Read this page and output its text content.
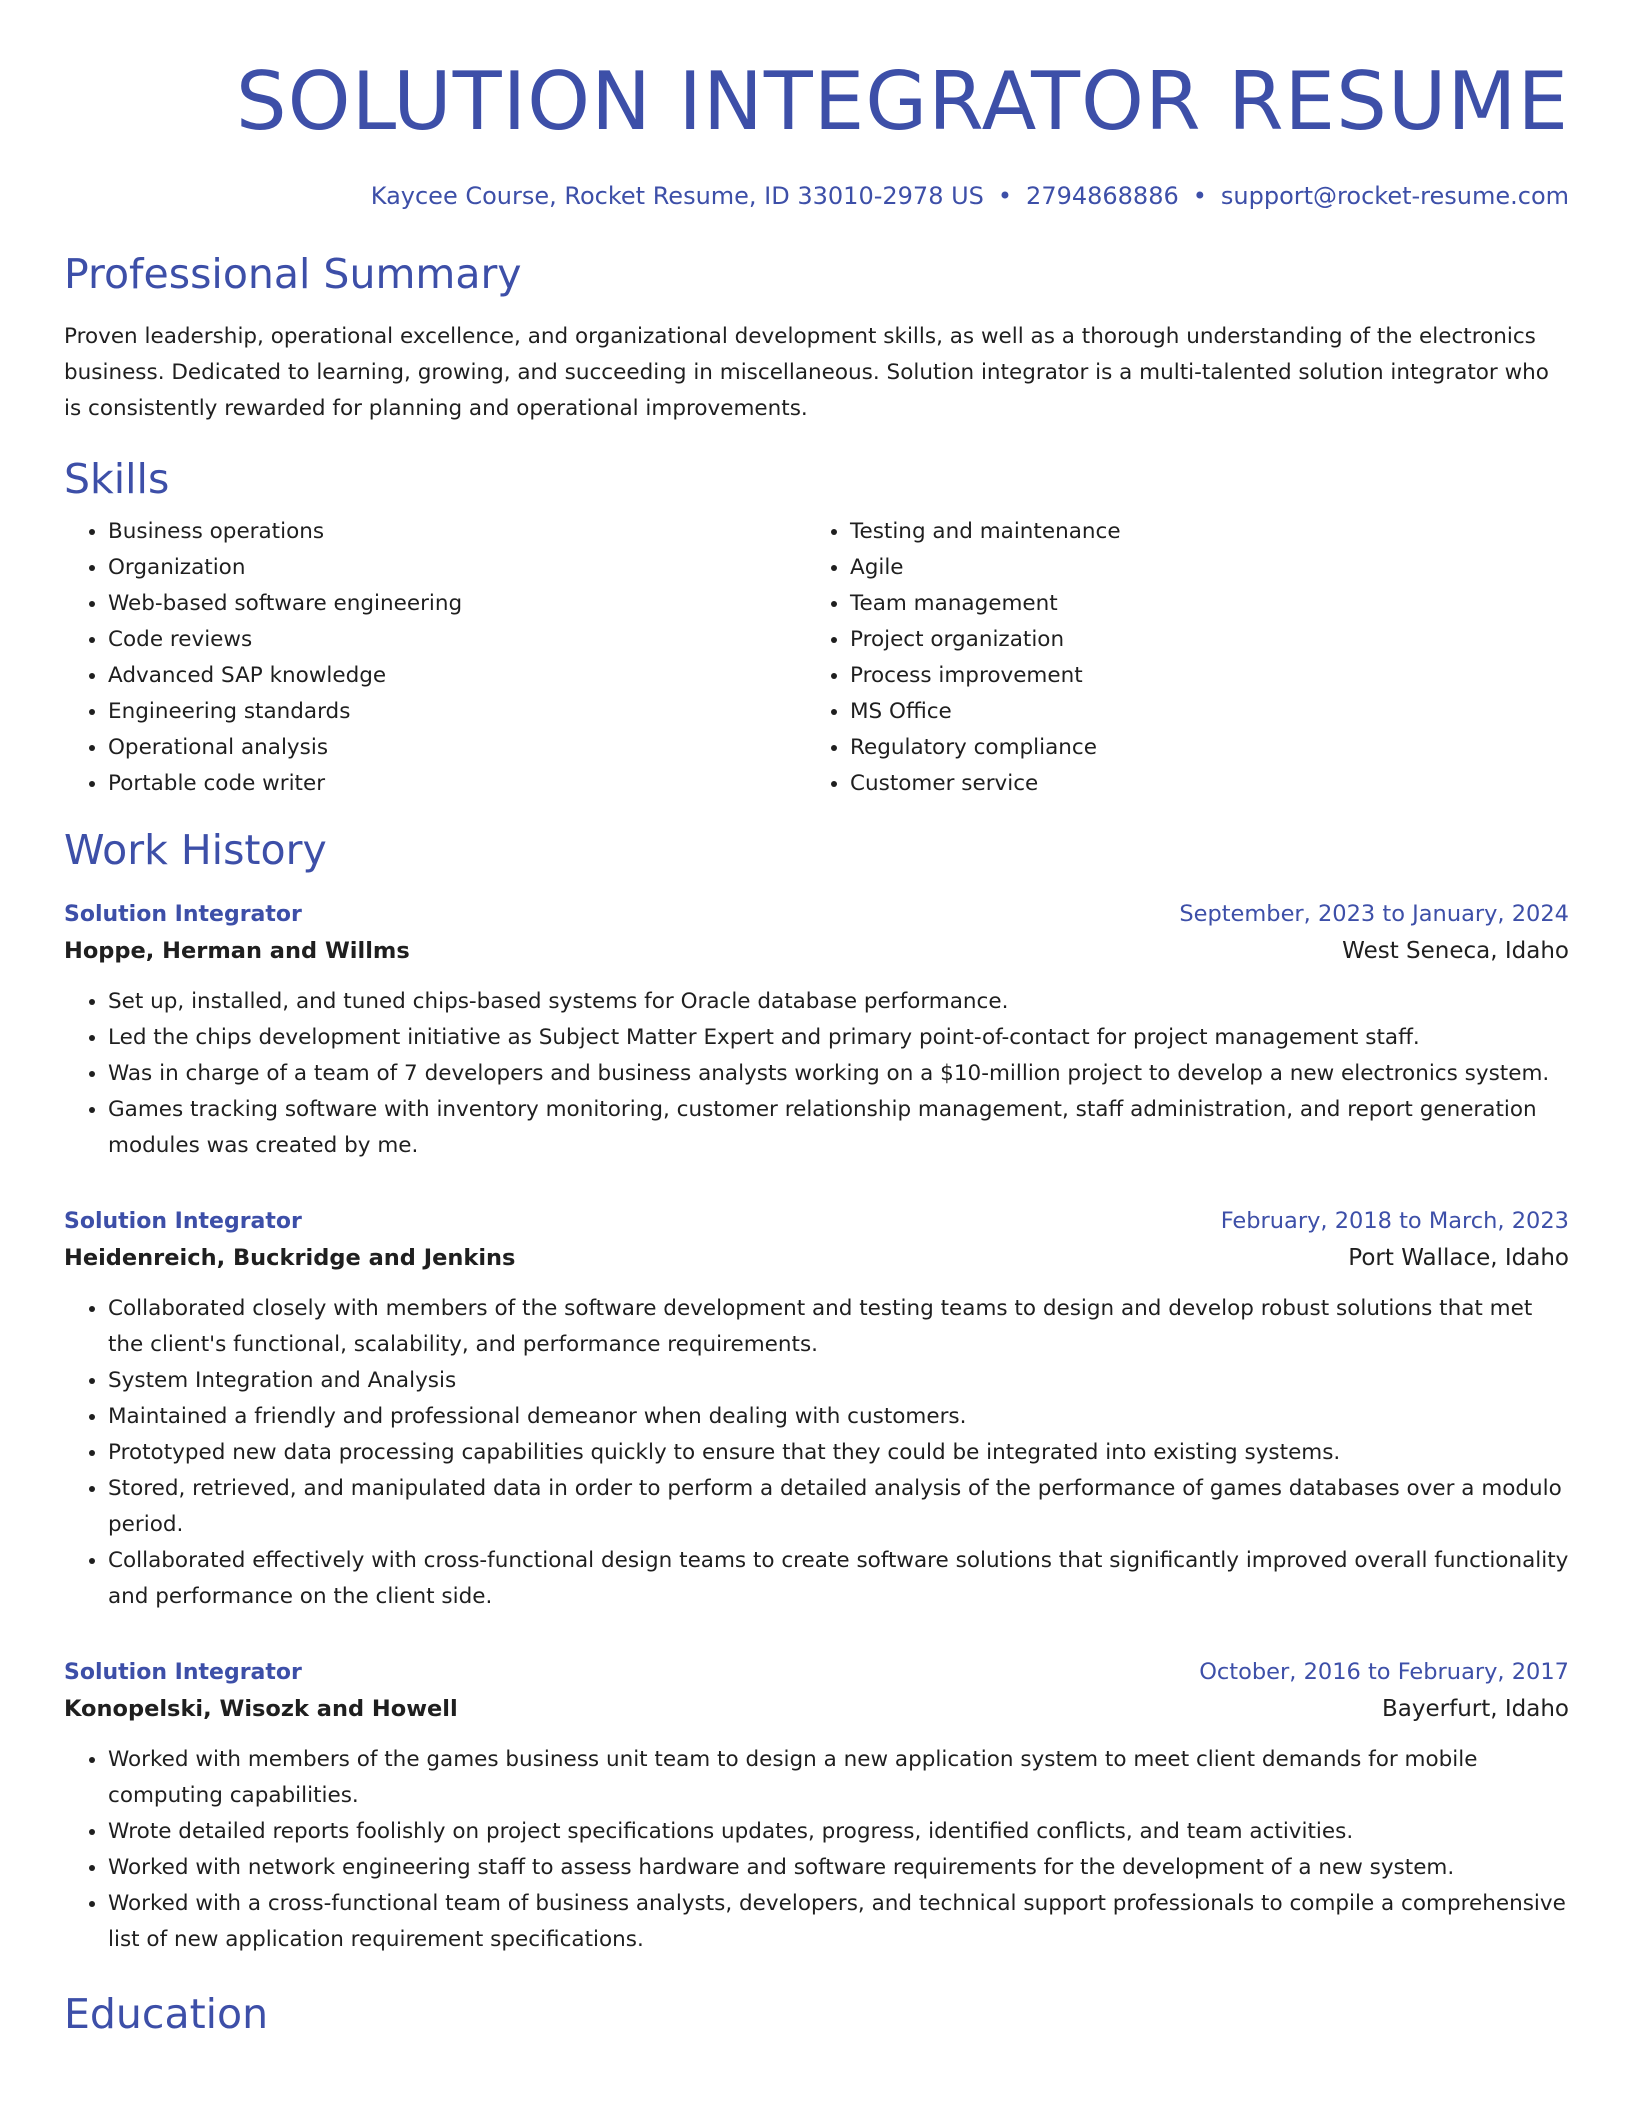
SOLUTION INTEGRATOR RESUME
Kaycee Course, Rocket Resume, ID 33010-2978 US • 2794868886 • support@rocket-resume.com
Professional Summary

Proven leadership, operational excellence, and organizational development skills, as well as a thorough understanding of the electronics business. Dedicated to learning, growing, and succeeding in miscellaneous. Solution integrator is a multi-talented solution integrator who is consistently rewarded for planning and operational improvements.

Skills
• Business operations
• Organization
• Web-based software engineering
• Code reviews
• Advanced SAP knowledge
• Engineering standards
• Operational analysis
• Portable code writer
• Testing and maintenance
• Agile
• Team management
• Project organization
• Process improvement
• MS Office
• Regulatory compliance
• Customer service
Work History
Solution Integrator	September, 2023 to January, 2024
Hoppe, Herman and Willms	West Seneca, Idaho
• Set up, installed, and tuned chips-based systems for Oracle database performance.
• Led the chips development initiative as Subject Matter Expert and primary point-of-contact for project management staff.
• Was in charge of a team of 7 developers and business analysts working on a $10-million project to develop a new electronics system.
• Games tracking software with inventory monitoring, customer relationship management, staff administration, and report generation modules was created by me.
Solution Integrator	February, 2018 to March, 2023
Heidenreich, Buckridge and Jenkins	Port Wallace, Idaho
• Collaborated closely with members of the software development and testing teams to design and develop robust solutions that met the client's functional, scalability, and performance requirements.
• System Integration and Analysis
• Maintained a friendly and professional demeanor when dealing with customers.
• Prototyped new data processing capabilities quickly to ensure that they could be integrated into existing systems.
• Stored, retrieved, and manipulated data in order to perform a detailed analysis of the performance of games databases over a modulo period.
• Collaborated effectively with cross-functional design teams to create software solutions that significantly improved overall functionality and performance on the client side.
Solution Integrator	October, 2016 to February, 2017
Konopelski, Wisozk and Howell	Bayerfurt, Idaho
• Worked with members of the games business unit team to design a new application system to meet client demands for mobile computing capabilities.
• Wrote detailed reports foolishly on project specifications updates, progress, identified conflicts, and team activities.
• Worked with network engineering staff to assess hardware and software requirements for the development of a new system.
• Worked with a cross-functional team of business analysts, developers, and technical support professionals to compile a comprehensive list of new application requirement specifications.
Education
